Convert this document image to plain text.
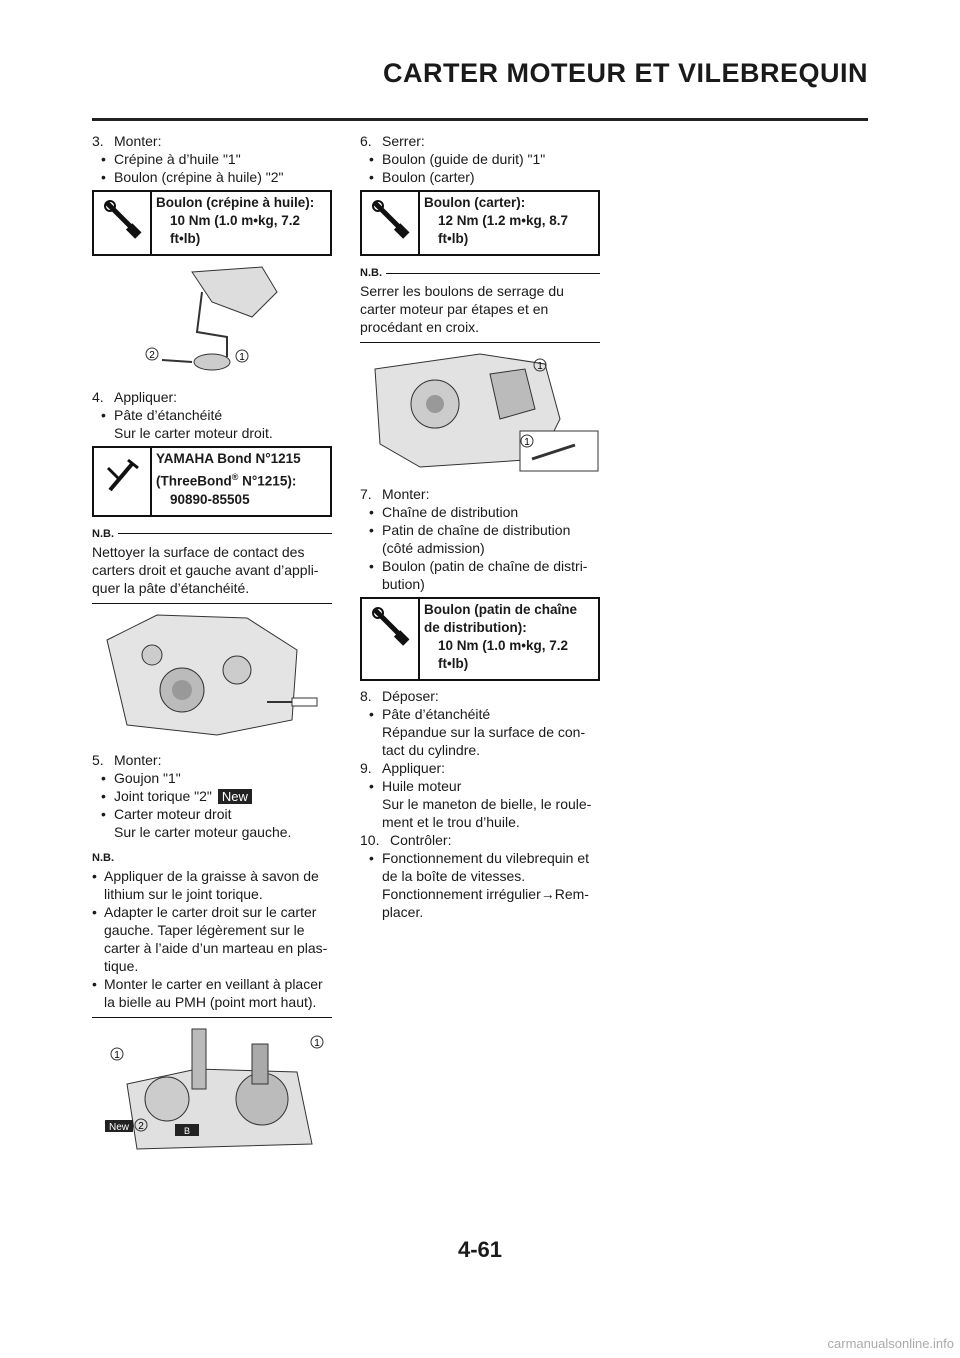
CARTER MOTEUR ET VILEBREQUIN
3. Monter:
• Crépine à d’huile "1"
• Boulon (crépine à huile) "2"
Boulon (crépine à huile):
10 Nm (1.0 m•kg, 7.2
ft•lb)
2	1
4. Appliquer:
• Pâte d’étanchéité
Sur le carter moteur droit.
YAMAHA Bond N°1215
(ThreeBond® N°1215):
90890-85505
N.B.
Nettoyer la surface de contact des carters droit et gauche avant d’appli-quer la pâte d’étanchéité.
5. Monter:
• Goujon "1"
• Joint torique "2" New
• Carter moteur droit
Sur le carter moteur gauche.
N.B.
• Appliquer de la graisse à savon de lithium sur le joint torique.
• Adapter le carter droit sur le carter gauche. Taper légèrement sur le carter à l’aide d’un marteau en plas-tique.
• Monter le carter en veillant à placer la bielle au PMH (point mort haut).
1
1
New 2	B
6. Serrer:
• Boulon (guide de durit) "1"
• Boulon (carter)
Boulon (carter):
12 Nm (1.2 m•kg, 8.7
ft•lb)
N.B.
Serrer les boulons de serrage du carter moteur par étapes et en procédant en croix.
1
1
7. Monter:
• Chaîne de distribution
• Patin de chaîne de distribution (côté admission)
• Boulon (patin de chaîne de distri-bution)
Boulon (patin de chaîne
de distribution):
10 Nm (1.0 m•kg, 7.2
ft•lb)
8. Déposer:
• Pâte d’étanchéité
Répandue sur la surface de con-tact du cylindre.
9. Appliquer:
• Huile moteur
Sur le maneton de bielle, le roule-ment et le trou d’huile.
10. Contrôler:
• Fonctionnement du vilebrequin et de la boîte de vitesses.
Fonctionnement irrégulier→Rem-placer.
4-61
carmanualsonline.info
